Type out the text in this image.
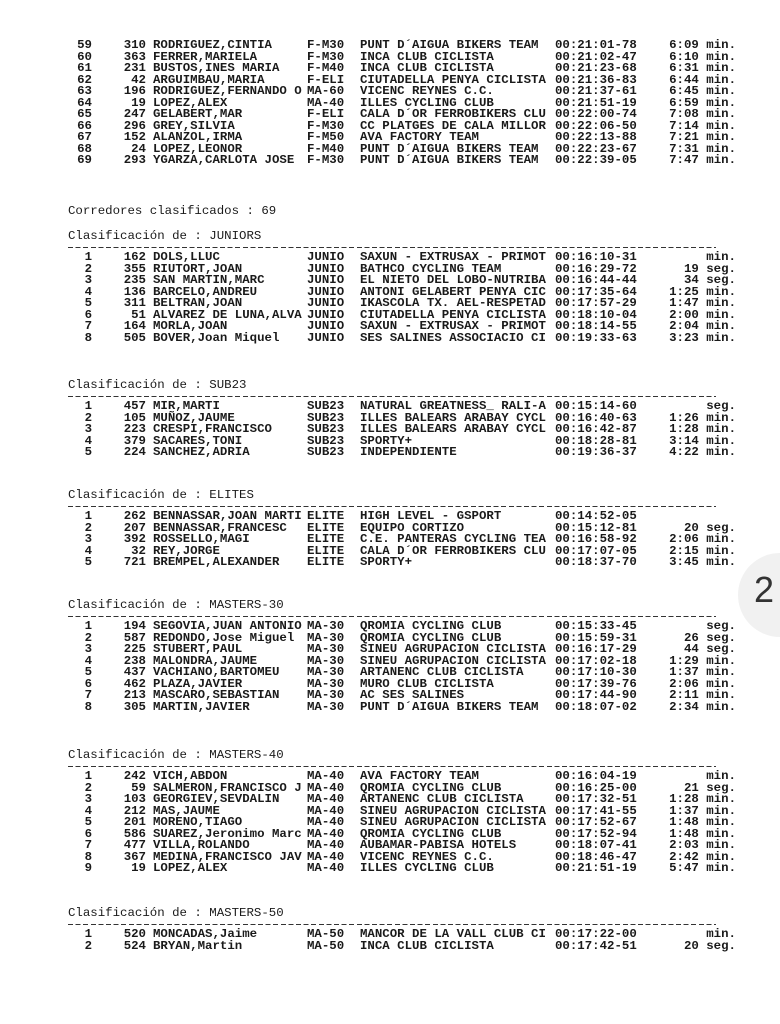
59	310 RODRIGUEZ,CINTIA	F-M30 PUNT D´AIGUA BIKERS TEAM 00:21:01-78	6:09 min.
60	363 FERRER,MARIELA	F-M30 INCA CLUB CICLISTA	00:21:02-47	6:10 min.
61	231 BUSTOS,INES MARIA F-M40 INCA CLUB CICLISTA	00:21:23-68	6:31 min.
62	42 ARGUIMBAU,MARIA	F-ELI CIUTADELLA PENYA CICLISTA 00:21:36-83	6:44 min.
63	196 RODRIGUEZ,FERNANDO O MA-60 VICENC REYNES C.C.	00:21:37-61	6:45 min.
64	19 LOPEZ,ALEX	MA-40 ILLES CYCLING CLUB	00:21:51-19	6:59 min.
65	247 GELABERT,MAR	F-ELI CALA D´OR FERROBIKERS CLU 00:22:00-74	7:08 min.
66	296 GREY,SILVIA	F-M30 CC PLATGES DE CALA MILLOR 00:22:06-50	7:14 min.
67	152 ALANZOL,IRMA	F-M50 AVA FACTORY TEAM	00:22:13-88	7:21 min.
68	24 LOPEZ,LEONOR	F-M40 PUNT D´AIGUA BIKERS TEAM 00:22:23-67	7:31 min.
69	293 YGARZA,CARLOTA JOSE F-M30 PUNT D´AIGUA BIKERS TEAM 00:22:39-05	7:47 min.
Corredores clasificados : 69
Clasificación de : JUNIORS
1	162 DOLS,LLUC	JUNIO SAXUN - EXTRUSAX - PRIMOT 00:16:10-31	min.
2	355 RIUTORT,JOAN	JUNIO BATHCO CYCLING TEAM	00:16:29-72	19 seg.
3	235 SAN MARTIN,MARC	JUNIO EL NIETO DEL LOBO-NUTRIBA 00:16:44-44	34 seg.
4	136 BARCELO,ANDREU	JUNIO ANTONI GELABERT PENYA CIC 00:17:35-64	1:25 min.
5	311 BELTRAN,JOAN	JUNIO IKASCOLA TX. AEL-RESPETAD 00:17:57-29	1:47 min.
6	51 ALVAREZ DE LUNA,ALVA JUNIO CIUTADELLA PENYA CICLISTA 00:18:10-04	2:00 min.
7	164 MORLA,JOAN	JUNIO SAXUN - EXTRUSAX - PRIMOT 00:18:14-55	2:04 min.
8	505 BOVER,Joan Miquel JUNIO SES SALINES ASSOCIACIO CI 00:19:33-63	3:23 min.
Clasificación de : SUB23
1	457 MIR,MARTI	SUB23 NATURAL GREATNESS_ RALI-A 00:15:14-60	seg.
2	105 MUÑOZ,JAUME	SUB23 ILLES BALEARS ARABAY CYCL 00:16:40-63	1:26 min.
3	223 CRESPI,FRANCISCO	SUB23 ILLES BALEARS ARABAY CYCL 00:16:42-87	1:28 min.
4	379 SACARES,TONI	SUB23 SPORTY+	00:18:28-81	3:14 min.
5	224 SANCHEZ,ADRIA	SUB23 INDEPENDIENTE	00:19:36-37	4:22 min.
Clasificación de : ELITES
1	262 BENNASSAR,JOAN MARTI ELITE HIGH LEVEL - GSPORT	00:14:52-05
2	207 BENNASSAR,FRANCESC ELITE EQUIPO CORTIZO	00:15:12-81	20 seg.
3	392 ROSSELLO,MAGI	ELITE C.E. PANTERAS CYCLING TEA 00:16:58-92	2:06 min.
4	32 REY,JORGE	ELITE CALA D´OR FERROBIKERS CLU 00:17:07-05	2:15 min.
5	721 BREMPEL,ALEXANDER ELITE SPORTY+	00:18:37-70	3:45 min.
Clasificación de : MASTERS-30
1	194 SEGOVIA,JUAN ANTONIO MA-30 QROMIA CYCLING CLUB	00:15:33-45	seg.
2	587 REDONDO,Jose Miguel MA-30 QROMIA CYCLING CLUB	00:15:59-31	26 seg.
3	225 STUBERT,PAUL	MA-30 SINEU AGRUPACION CICLISTA 00:16:17-29	44 seg.
4	238 MALONDRA,JAUME	MA-30 SINEU AGRUPACION CICLISTA 00:17:02-18	1:29 min.
5	437 VACHIANO,BARTOMEU MA-30 ARTANENC CLUB CICLISTA	00:17:10-30	1:37 min.
6	462 PLAZA,JAVIER	MA-30 MURO CLUB CICLISTA	00:17:39-76	2:06 min.
7	213 MASCARO,SEBASTIAN MA-30 AC SES SALINES	00:17:44-90	2:11 min.
8	305 MARTIN,JAVIER	MA-30 PUNT D´AIGUA BIKERS TEAM 00:18:07-02	2:34 min.
Clasificación de : MASTERS-40
1	242 VICH,ABDON	MA-40 AVA FACTORY TEAM	00:16:04-19	min.
2	59 SALMERON,FRANCISCO J MA-40 QROMIA CYCLING CLUB	00:16:25-00	21 seg.
3	103 GEORGIEV,SEVDALIN MA-40 ARTANENC CLUB CICLISTA	00:17:32-51	1:28 min.
4	212 MAS,JAUME	MA-40 SINEU AGRUPACION CICLISTA 00:17:41-55	1:37 min.
5	201 MORENO,TIAGO	MA-40 SINEU AGRUPACION CICLISTA 00:17:52-67	1:48 min.
6	586 SUAREZ,Jeronimo Marc MA-40 QROMIA CYCLING CLUB	00:17:52-94	1:48 min.
7	477 VILLA,ROLANDO	MA-40 AUBAMAR-PABISA HOTELS	00:18:07-41	2:03 min.
8	367 MEDINA,FRANCISCO JAV MA-40 VICENC REYNES C.C.	00:18:46-47	2:42 min.
9	19 LOPEZ,ALEX	MA-40 ILLES CYCLING CLUB	00:21:51-19	5:47 min.
Clasificación de : MASTERS-50
1	520 MONCADAS,Jaime	MA-50 MANCOR DE LA VALL CLUB CI 00:17:22-00	min.
2	524 BRYAN,Martin	MA-50 INCA CLUB CICLISTA	00:17:42-51	20 seg.
2
